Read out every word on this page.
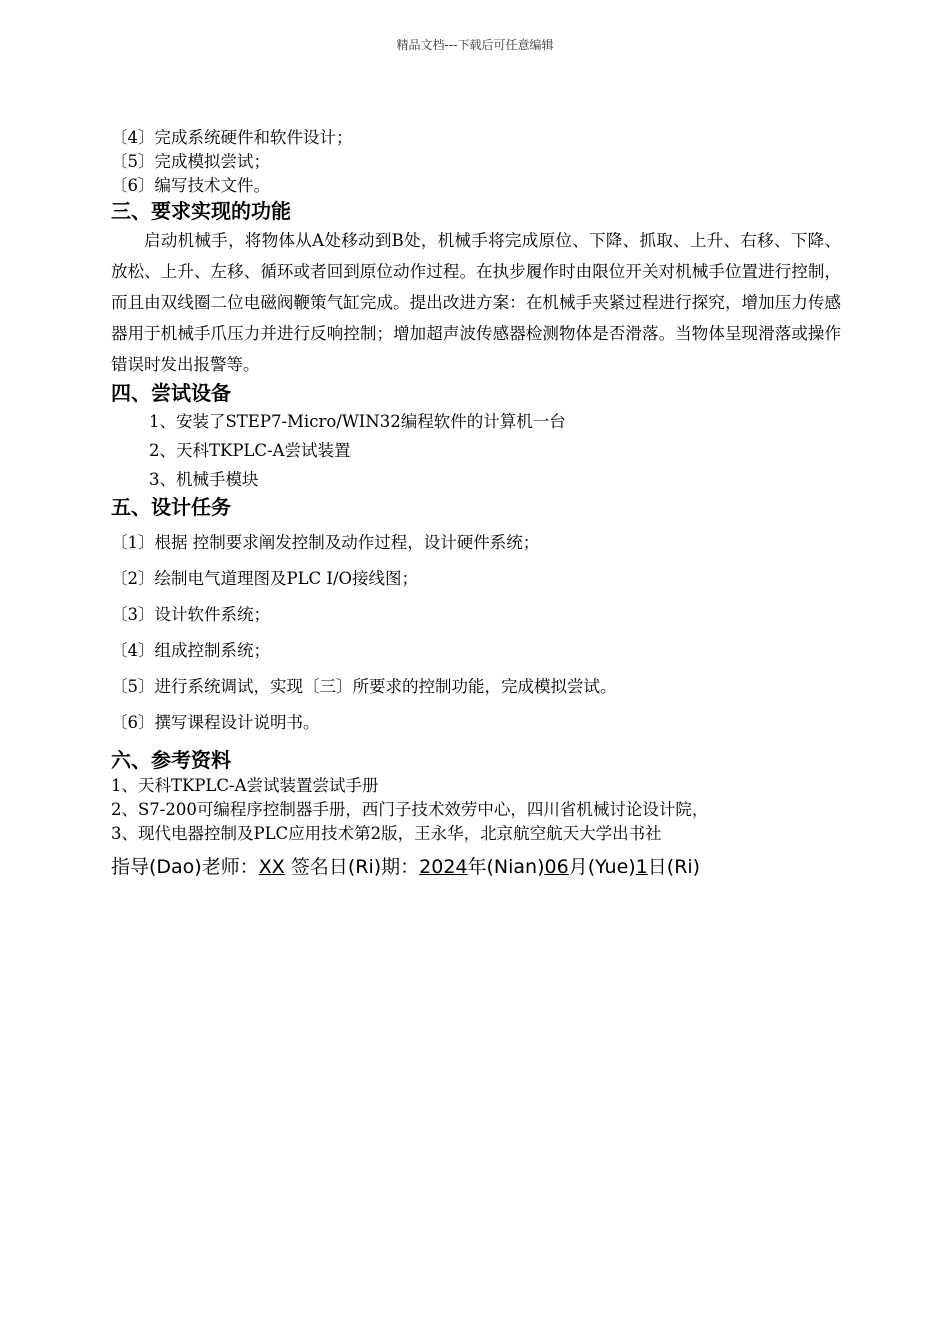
精品文档---下载后可任意编辑
〔4〕完成系统硬件和软件设计；
〔5〕完成模拟尝试；
〔6〕编写技术文件。
三、要求实现的功能

启动机械手，将物体从A处移动到B处，机械手将完成原位、下降、抓取、上升、右移、下降、放松、上升、左移、循环或者回到原位动作过程。在执步履作时由限位开关对机械手位置进行控制，而且由双线圈二位电磁阀鞭策气缸完成。提出改进方案：在机械手夹紧过程进行探究，增加压力传感器用于机械手爪压力并进行反响控制；增加超声波传感器检测物体是否滑落。当物体呈现滑落或操作错误时发出报警等。

四、尝试设备
1、安装了STEP7-Micro/WIN32编程软件的计算机一台
2、天科TKPLC-A尝试装置
3、机械手模块
五、设计任务
〔1〕根据 控制要求阐发控制及动作过程，设计硬件系统；
〔2〕绘制电气道理图及PLC I/O接线图；
〔3〕设计软件系统；
〔4〕组成控制系统；
〔5〕进行系统调试，实现〔三〕所要求的控制功能，完成模拟尝试。
〔6〕撰写课程设计说明书。
六、参考资料
1、天科TKPLC-A尝试装置尝试手册
2、S7-200可编程序控制器手册，西门子技术效劳中心，四川省机械讨论设计院，
3、现代电器控制及PLC应用技术第2版，王永华，北京航空航天大学出书社
指导(Dao)老师：XX 签名日(Ri)期：2024年(Nian)06月(Yue)1日(Ri)
